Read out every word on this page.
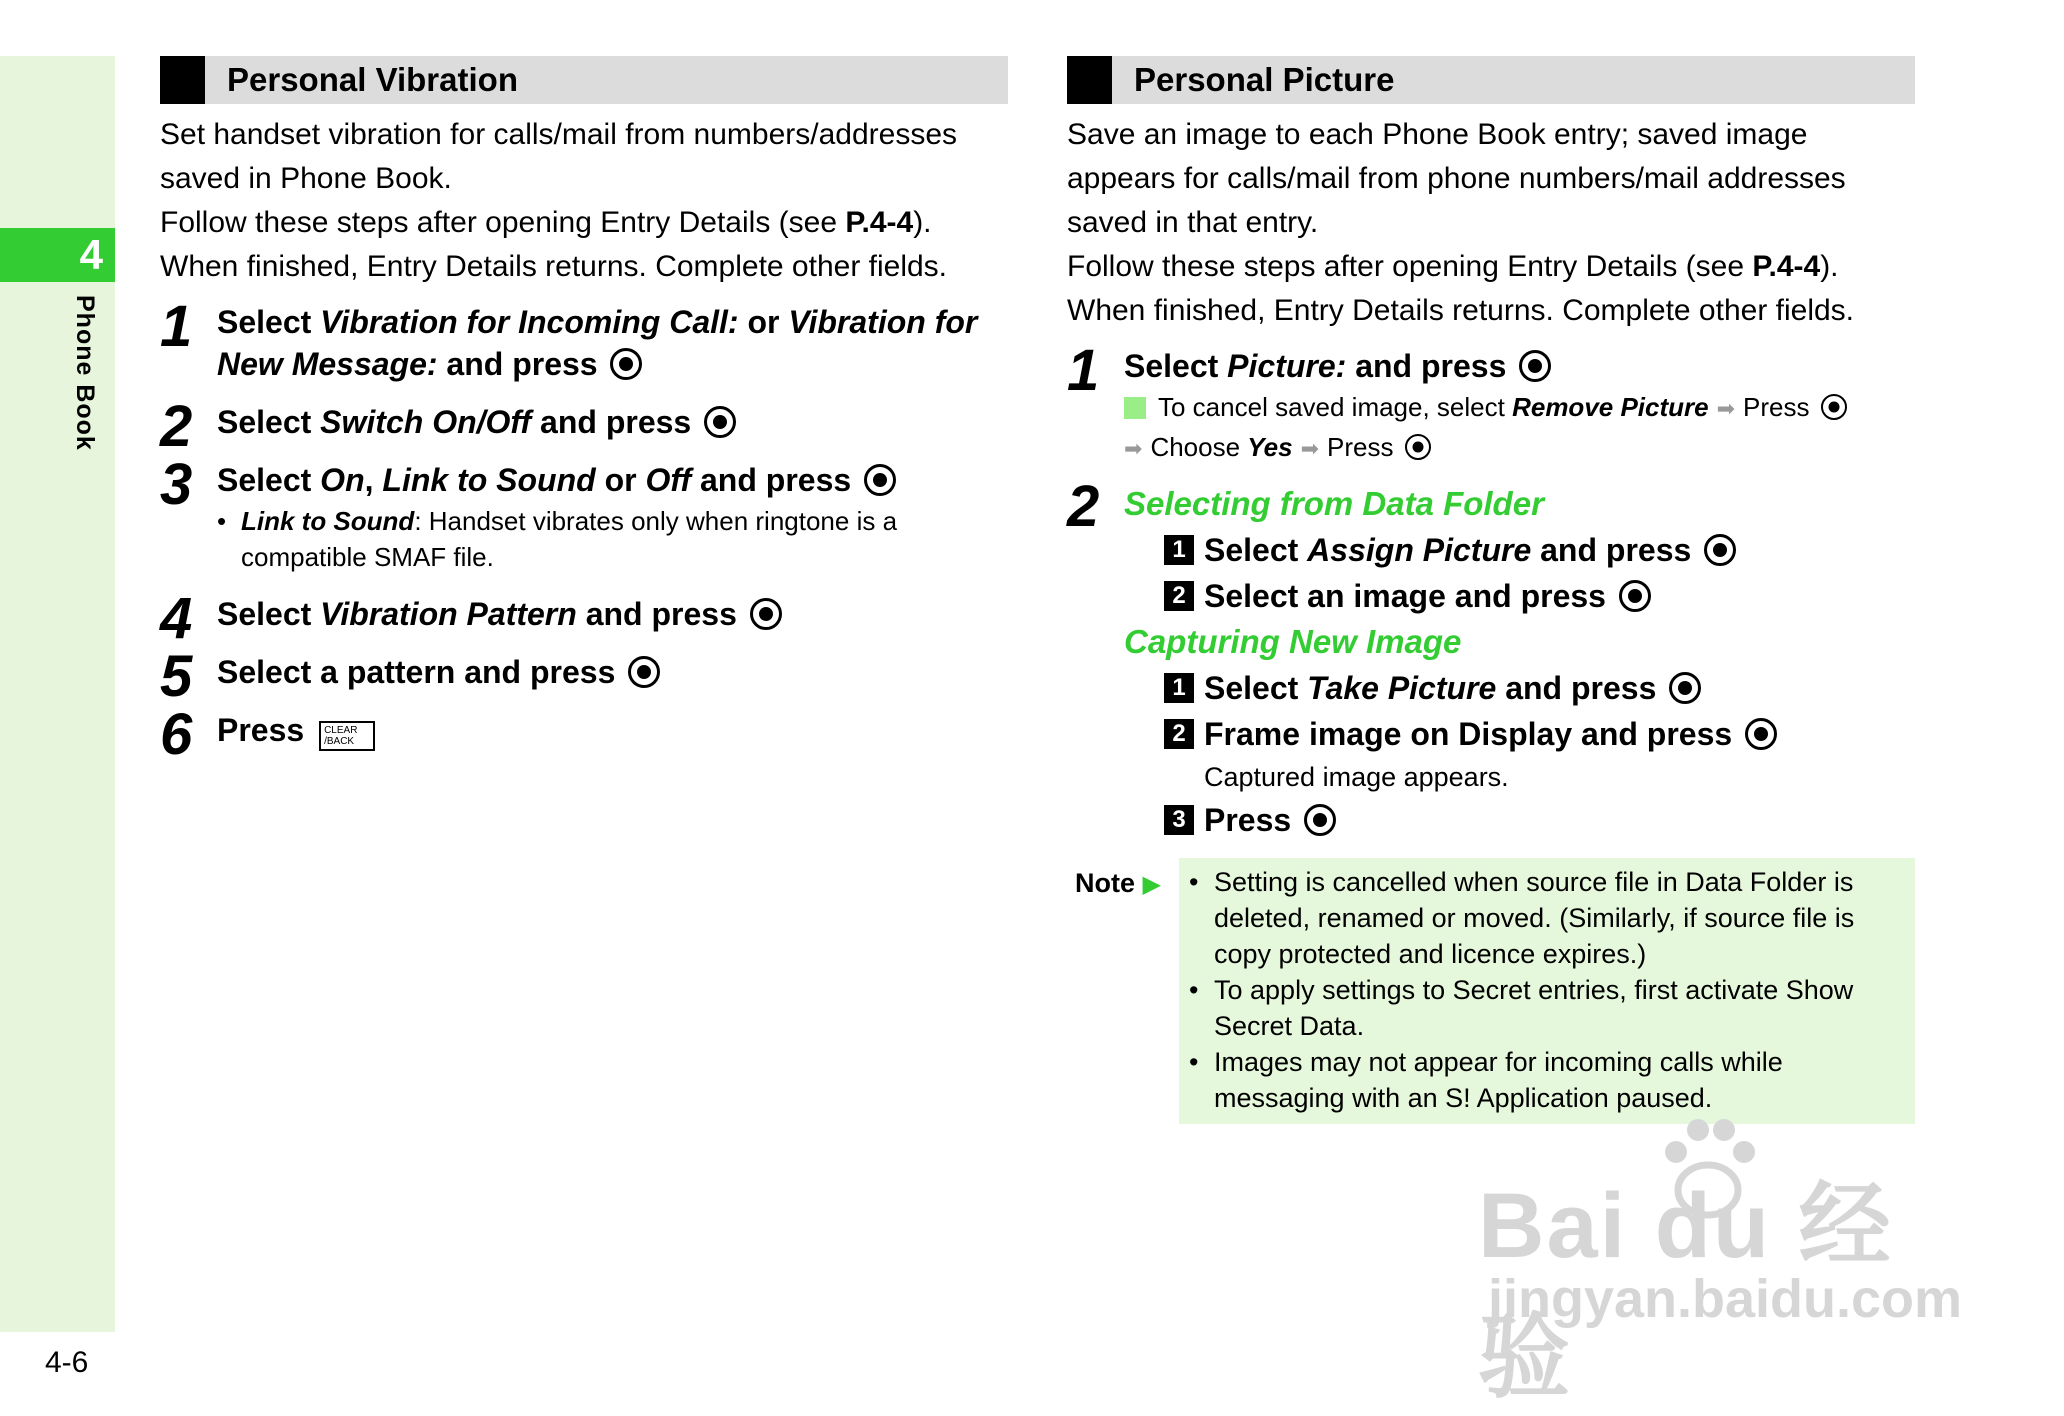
4
Phone Book
4-6
Personal Vibration

Set handset vibration for calls/mail from numbers/addresses saved in Phone Book.

Follow these steps after opening Entry Details (see P.4-4).

When finished, Entry Details returns. Complete other fields.

1 Select Vibration for Incoming Call: or Vibration for New Message: and press
2 Select Switch On/Off and press
3 Select On, Link to Sound or Off and press
• Link to Sound: Handset vibrates only when ringtone is a compatible SMAF file.
4 Select Vibration Pattern and press
5 Select a pattern and press
6 Press CLEAR
/BACK
Personal Picture

Save an image to each Phone Book entry; saved image appears for calls/mail from phone numbers/mail addresses saved in that entry.

Follow these steps after opening Entry Details (see P.4-4).

When finished, Entry Details returns. Complete other fields.

1 Select Picture: and press
To cancel saved image, select Remove Picture ➡ Press
➡ Choose Yes ➡ Press
2 Selecting from Data Folder
1 Select Assign Picture and press
2 Select an image and press
Capturing New Image
1 Select Take Picture and press
2 Frame image on Display and press
Captured image appears.
3 Press
Note ▶
•	Setting is cancelled when source file in Data Folder is deleted, renamed or moved. (Similarly, if source file is copy protected and licence expires.)
• To apply settings to Secret entries, first activate Show Secret Data.
• Images may not appear for incoming calls while messaging with an S! Application paused.
Bai du 经验
jingyan.baidu.com
